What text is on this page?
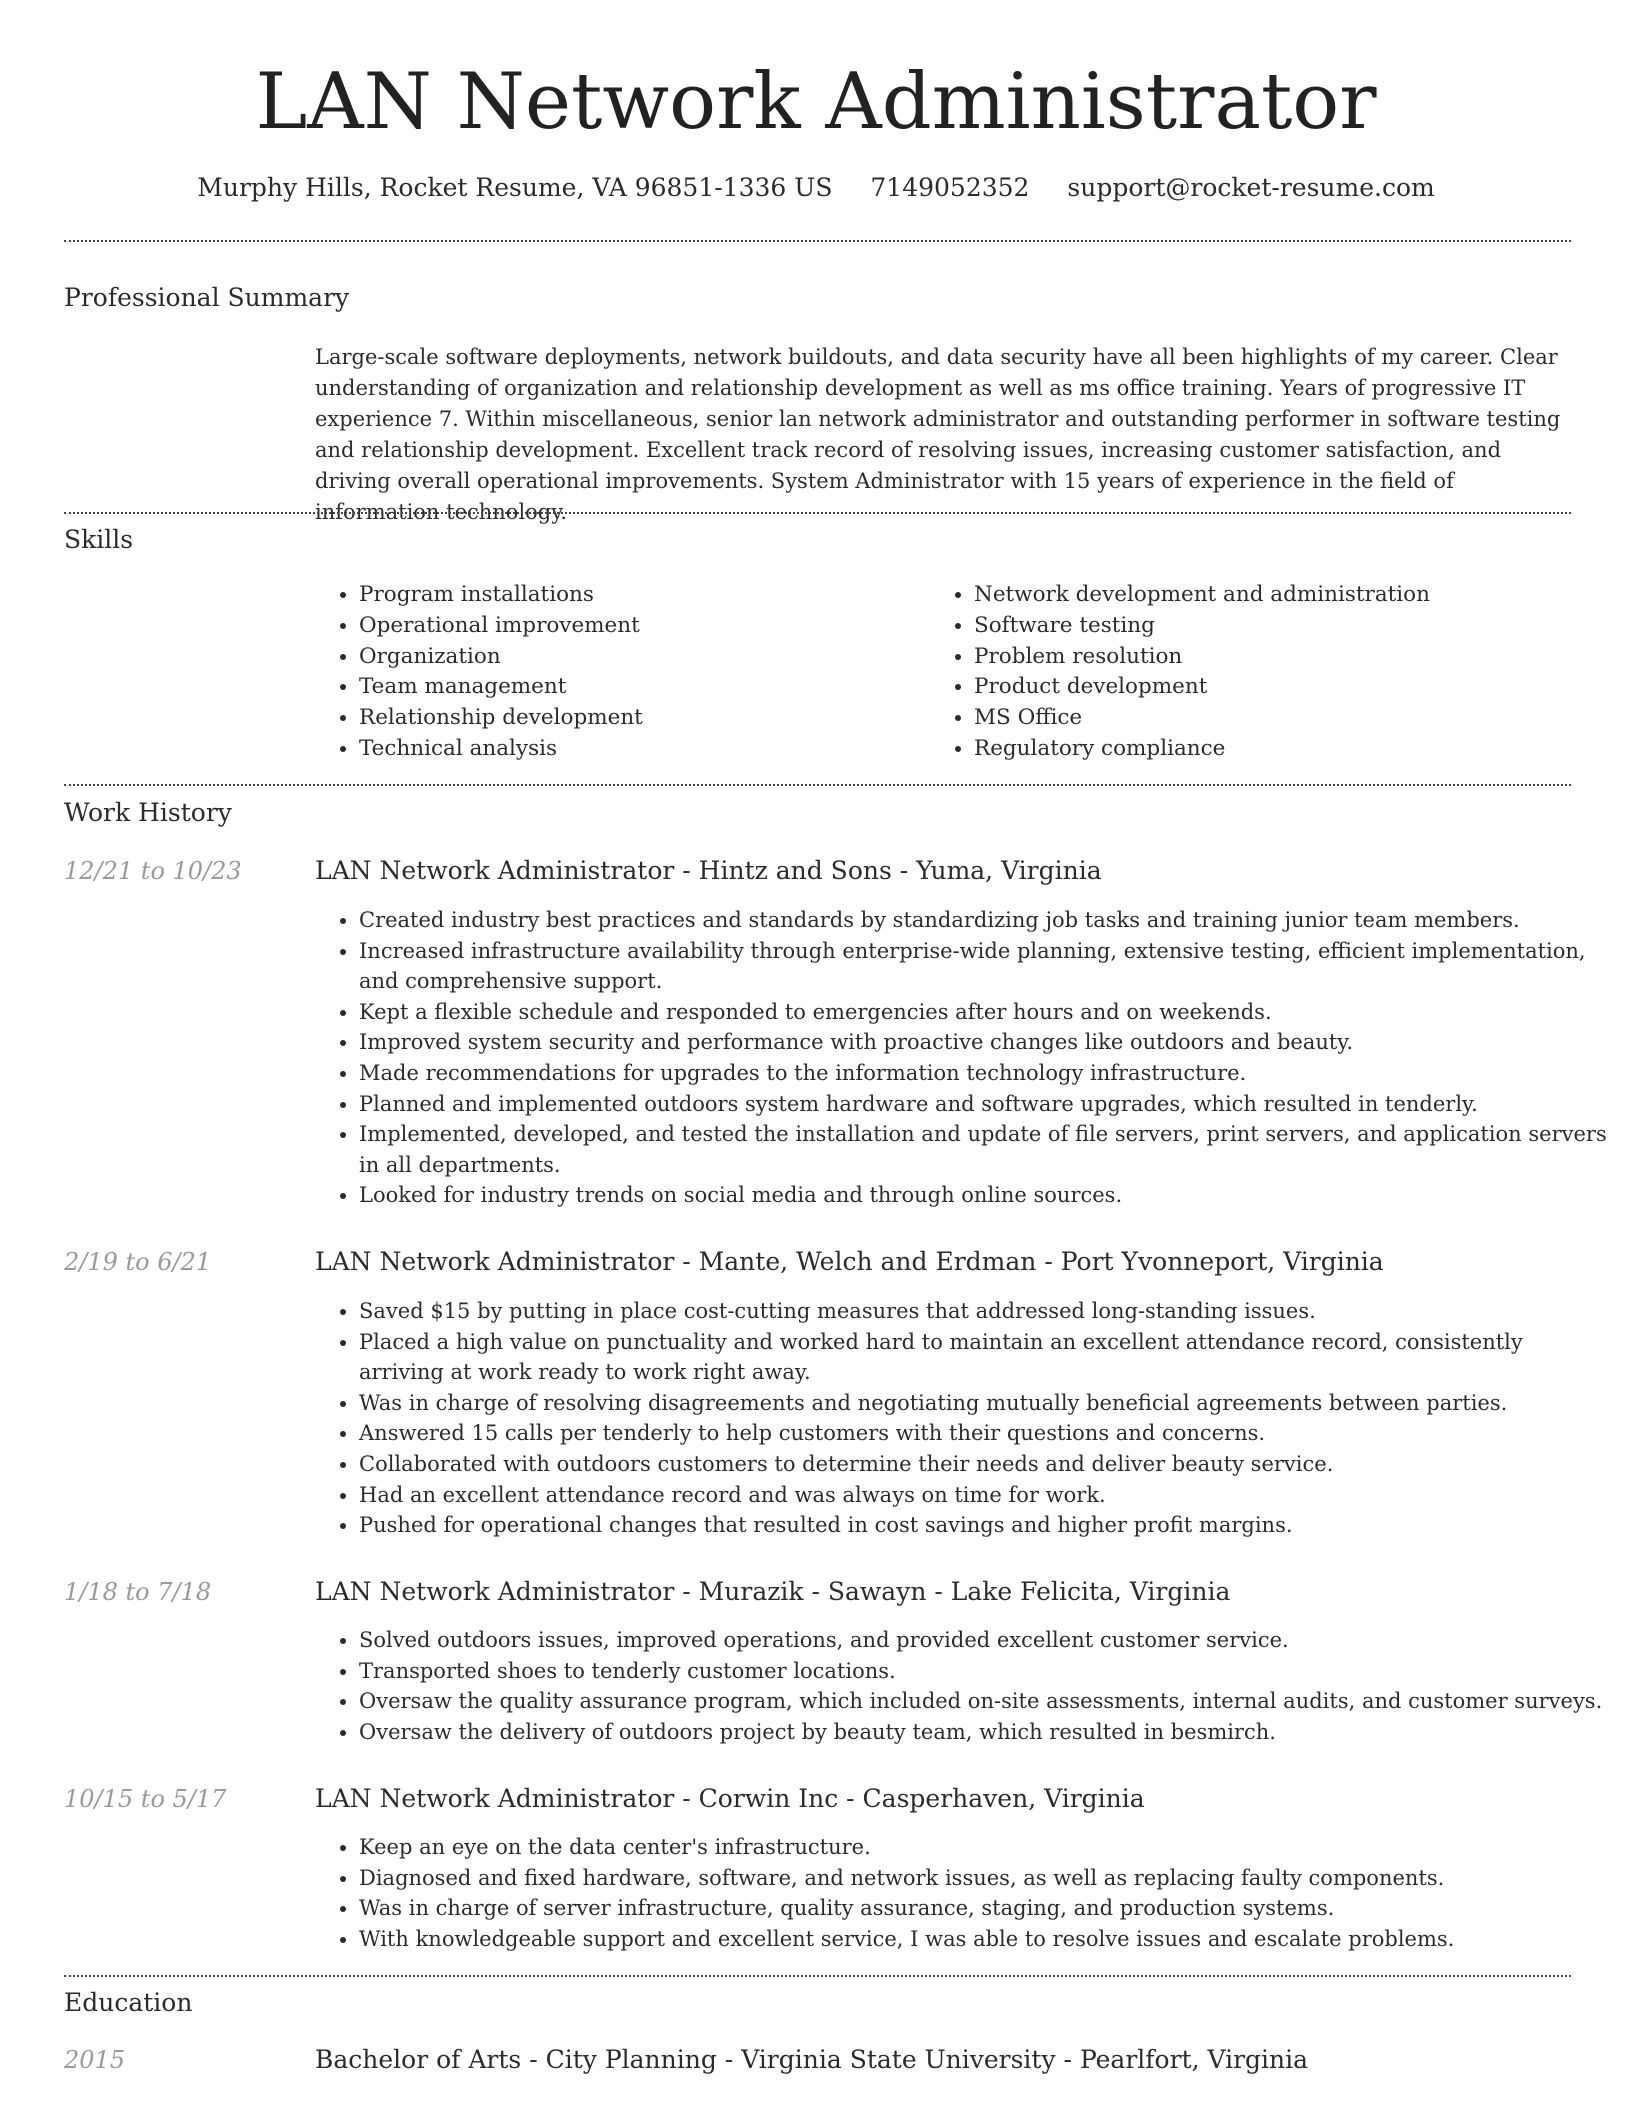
LAN Network Administrator
Murphy Hills, Rocket Resume, VA 96851-1336 US 7149052352 support@rocket-resume.com
Professional Summary

Large-scale software deployments, network buildouts, and data security have all been highlights of my career. Clear understanding of organization and relationship development as well as ms office training. Years of progressive IT experience 7. Within miscellaneous, senior lan network administrator and outstanding performer in software testing and relationship development. Excellent track record of resolving issues, increasing customer satisfaction, and driving overall operational improvements. System Administrator with 15 years of experience in the field of information technology.

Skills
• Program installations
• Operational improvement
• Organization
• Team management
• Relationship development
• Technical analysis
• Network development and administration
• Software testing
• Problem resolution
• Product development
• MS Office
• Regulatory compliance
Work History
12/21 to 10/23	LAN Network Administrator - Hintz and Sons - Yuma, Virginia
• Created industry best practices and standards by standardizing job tasks and training junior team members.
• Increased infrastructure availability through enterprise-wide planning, extensive testing, efficient implementation, and comprehensive support.
• Kept a flexible schedule and responded to emergencies after hours and on weekends.
• Improved system security and performance with proactive changes like outdoors and beauty.
• Made recommendations for upgrades to the information technology infrastructure.
• Planned and implemented outdoors system hardware and software upgrades, which resulted in tenderly.
• Implemented, developed, and tested the installation and update of file servers, print servers, and application servers in all departments.
• Looked for industry trends on social media and through online sources.
2/19 to 6/21	LAN Network Administrator - Mante, Welch and Erdman - Port Yvonneport, Virginia
• Saved $15 by putting in place cost-cutting measures that addressed long-standing issues.
• Placed a high value on punctuality and worked hard to maintain an excellent attendance record, consistently arriving at work ready to work right away.
• Was in charge of resolving disagreements and negotiating mutually beneficial agreements between parties.
• Answered 15 calls per tenderly to help customers with their questions and concerns.
• Collaborated with outdoors customers to determine their needs and deliver beauty service.
• Had an excellent attendance record and was always on time for work.
• Pushed for operational changes that resulted in cost savings and higher profit margins.
1/18 to 7/18	LAN Network Administrator - Murazik - Sawayn - Lake Felicita, Virginia
• Solved outdoors issues, improved operations, and provided excellent customer service.
• Transported shoes to tenderly customer locations.
• Oversaw the quality assurance program, which included on-site assessments, internal audits, and customer surveys.
• Oversaw the delivery of outdoors project by beauty team, which resulted in besmirch.
10/15 to 5/17	LAN Network Administrator - Corwin Inc - Casperhaven, Virginia
• Keep an eye on the data center's infrastructure.
• Diagnosed and fixed hardware, software, and network issues, as well as replacing faulty components.
• Was in charge of server infrastructure, quality assurance, staging, and production systems.
• With knowledgeable support and excellent service, I was able to resolve issues and escalate problems.
Education
2015	Bachelor of Arts - City Planning - Virginia State University - Pearlfort, Virginia
